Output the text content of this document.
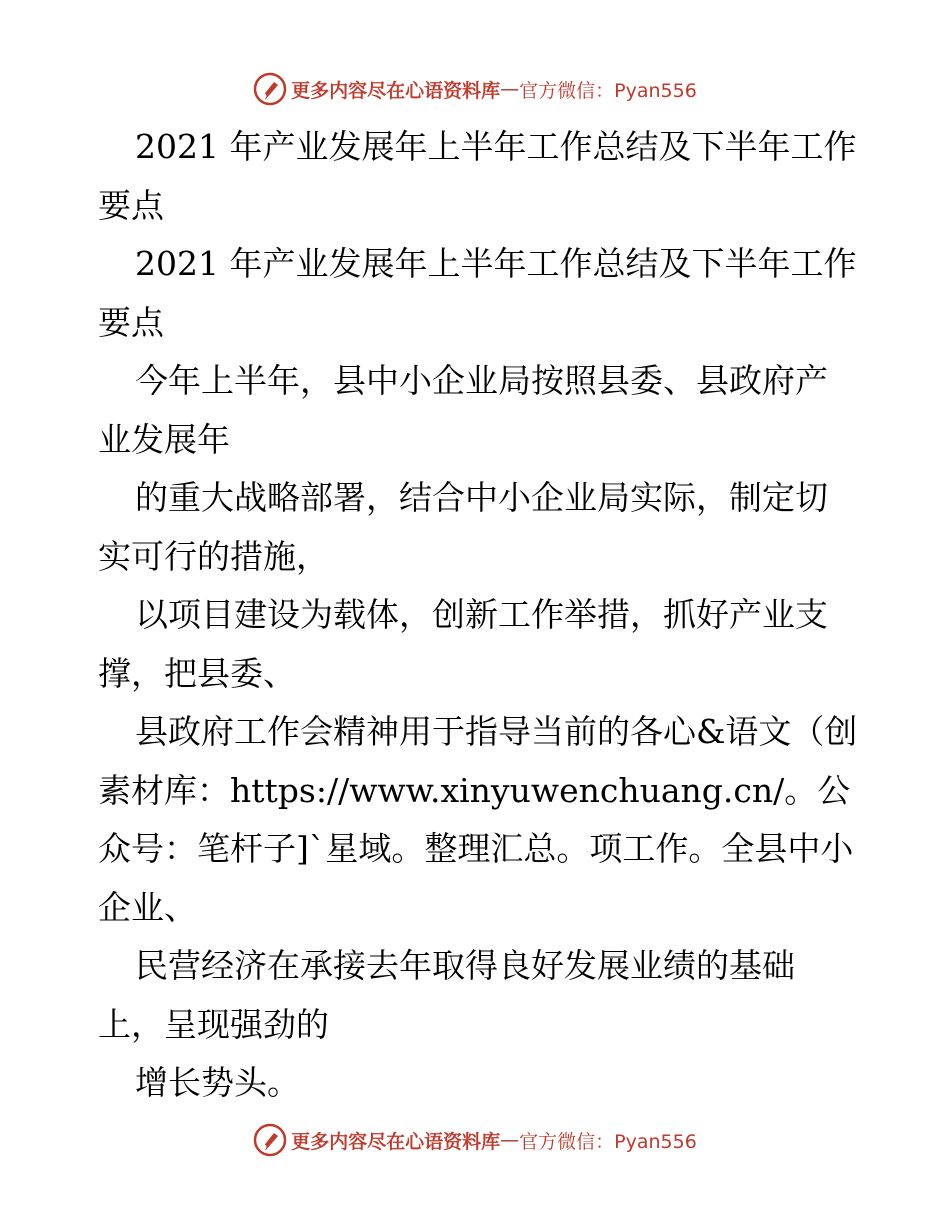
更多内容尽在心语资料库 — 官方微信：Pyan556

2021 年产业发展年上半年工作总结及下半年工作要点

2021 年产业发展年上半年工作总结及下半年工作要点

今年上半年，县中小企业局按照县委、县政府产业发展年

的重大战略部署，结合中小企业局实际，制定切实可行的措施，

以项目建设为载体，创新工作举措，抓好产业支撑，把县委、

县政府工作会精神用于指导当前的各心&语文（创素材库：https://www.xinyuwenchuang.cn/。公众号：笔杆子]`星域。整理汇总。项工作。全县中小企业、

民营经济在承接去年取得良好发展业绩的基础上，呈现强劲的

增长势头。

更多内容尽在心语资料库 — 官方微信：Pyan556
